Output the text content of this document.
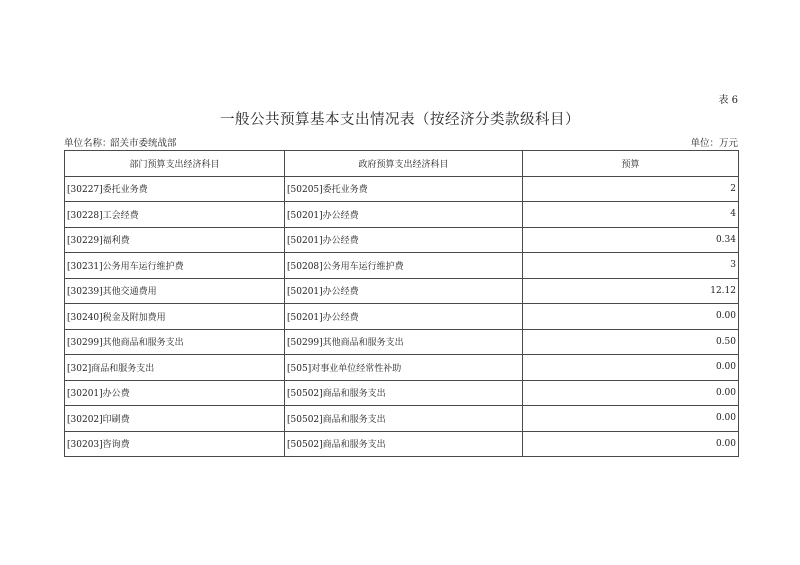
表 6
一般公共预算基本支出情况表（按经济分类款级科目）
单位名称：
韶关市委统战部	单位：万元
部门预算支出经济科目	政府预算支出经济科目	预算
[30227]委托业务费	[50205]委托业务费	2
[30228]工会经费	[50201]办公经费	4
[30229]福利费	[50201]办公经费	0.34
[30231]公务用车运行维护费	[50208]公务用车运行维护费	3
[30239]其他交通费用	[50201]办公经费	12.12
[30240]税金及附加费用	[50201]办公经费	0.00
[30299]其他商品和服务支出	[50299]其他商品和服务支出	0.50
[302]商品和服务支出	[505]对事业单位经常性补助	0.00
[30201]办公费	[50502]商品和服务支出	0.00
[30202]印刷费	[50502]商品和服务支出	0.00
[30203]咨询费	[50502]商品和服务支出	0.00
